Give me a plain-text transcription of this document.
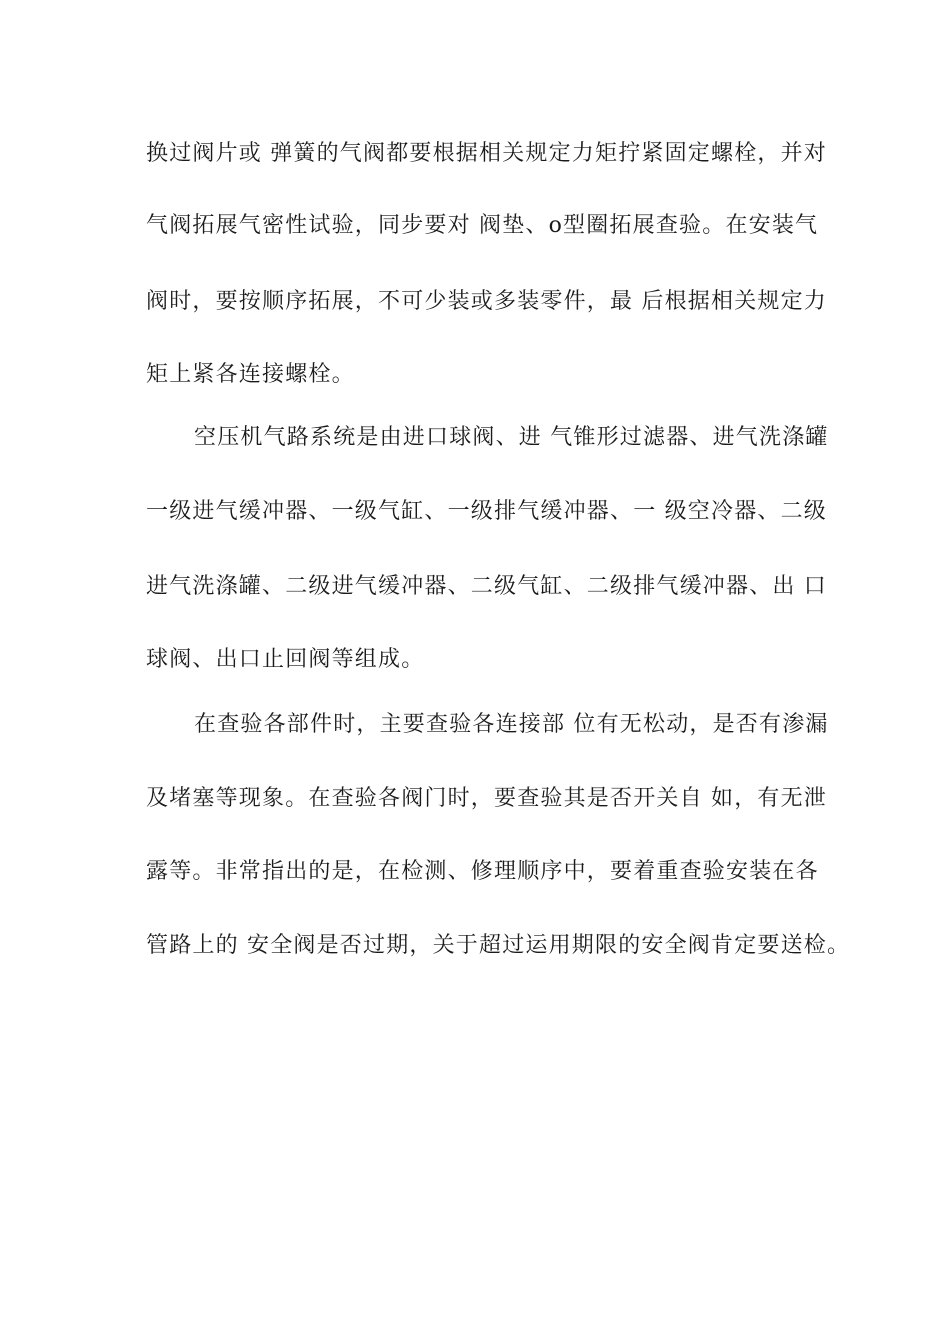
换过阀片或 弹簧的气阀都要根据相关规定力矩拧紧固定螺栓，并对
气阀拓展气密性试验，同步要对 阀垫、o型圈拓展查验。在安装气
阀时，要按顺序拓展，不可少装或多装零件，最 后根据相关规定力
矩上紧各连接螺栓。
空压机气路系统是由进口球阀、进 气锥形过滤器、进气洗涤罐
一级进气缓冲器、一级气缸、一级排气缓冲器、一 级空冷器、二级
进气洗涤罐、二级进气缓冲器、二级气缸、二级排气缓冲器、出 口
球阀、出口止回阀等组成。
在查验各部件时，主要查验各连接部 位有无松动，是否有渗漏
及堵塞等现象。在查验各阀门时，要查验其是否开关自 如，有无泄
露等。非常指出的是，在检测、修理顺序中，要着重查验安装在各
管路上的 安全阀是否过期，关于超过运用期限的安全阀肯定要送检。
